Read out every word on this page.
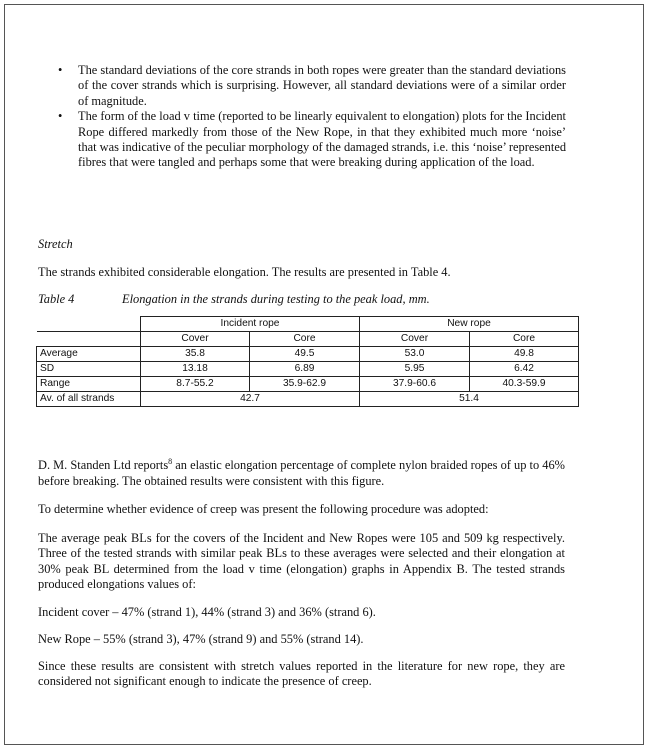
• The standard deviations of the core strands in both ropes were greater than the standard deviations of the cover strands which is surprising. However, all standard deviations were of a similar order of magnitude.
• The form of the load v time (reported to be linearly equivalent to elongation) plots for the Incident Rope differed markedly from those of the New Rope, in that they exhibited much more ‘noise’ that was indicative of the peculiar morphology of the damaged strands, i.e. this ‘noise’ represented fibres that were tangled and perhaps some that were breaking during application of the load.
Stretch

The strands exhibited considerable elongation. The results are presented in Table 4.

Table 4	Elongation in the strands during testing to the peak load, mm.
	Incident rope		New rope	
	Cover	Core	Cover	Core
Average	35.8	49.5	53.0	49.8
SD	13.18	6.89	5.95	6.42
Range	8.7-55.2	35.9-62.9	37.9-60.6	40.3-59.9
Av. of all strands	42.7		51.4	

D. M. Standen Ltd reports$^8$ an elastic elongation percentage of complete nylon braided ropes of up to 46% before breaking. The obtained results were consistent with this figure.

To determine whether evidence of creep was present the following procedure was adopted:

The average peak BLs for the covers of the Incident and New Ropes were 105 and 509 kg respectively. Three of the tested strands with similar peak BLs to these averages were selected and their elongation at 30% peak BL determined from the load v time (elongation) graphs in Appendix B. The tested strands produced elongations values of:

Incident cover – 47% (strand 1), 44% (strand 3) and 36% (strand 6).

New Rope – 55% (strand 3), 47% (strand 9) and 55% (strand 14).

Since these results are consistent with stretch values reported in the literature for new rope, they are considered not significant enough to indicate the presence of creep.
